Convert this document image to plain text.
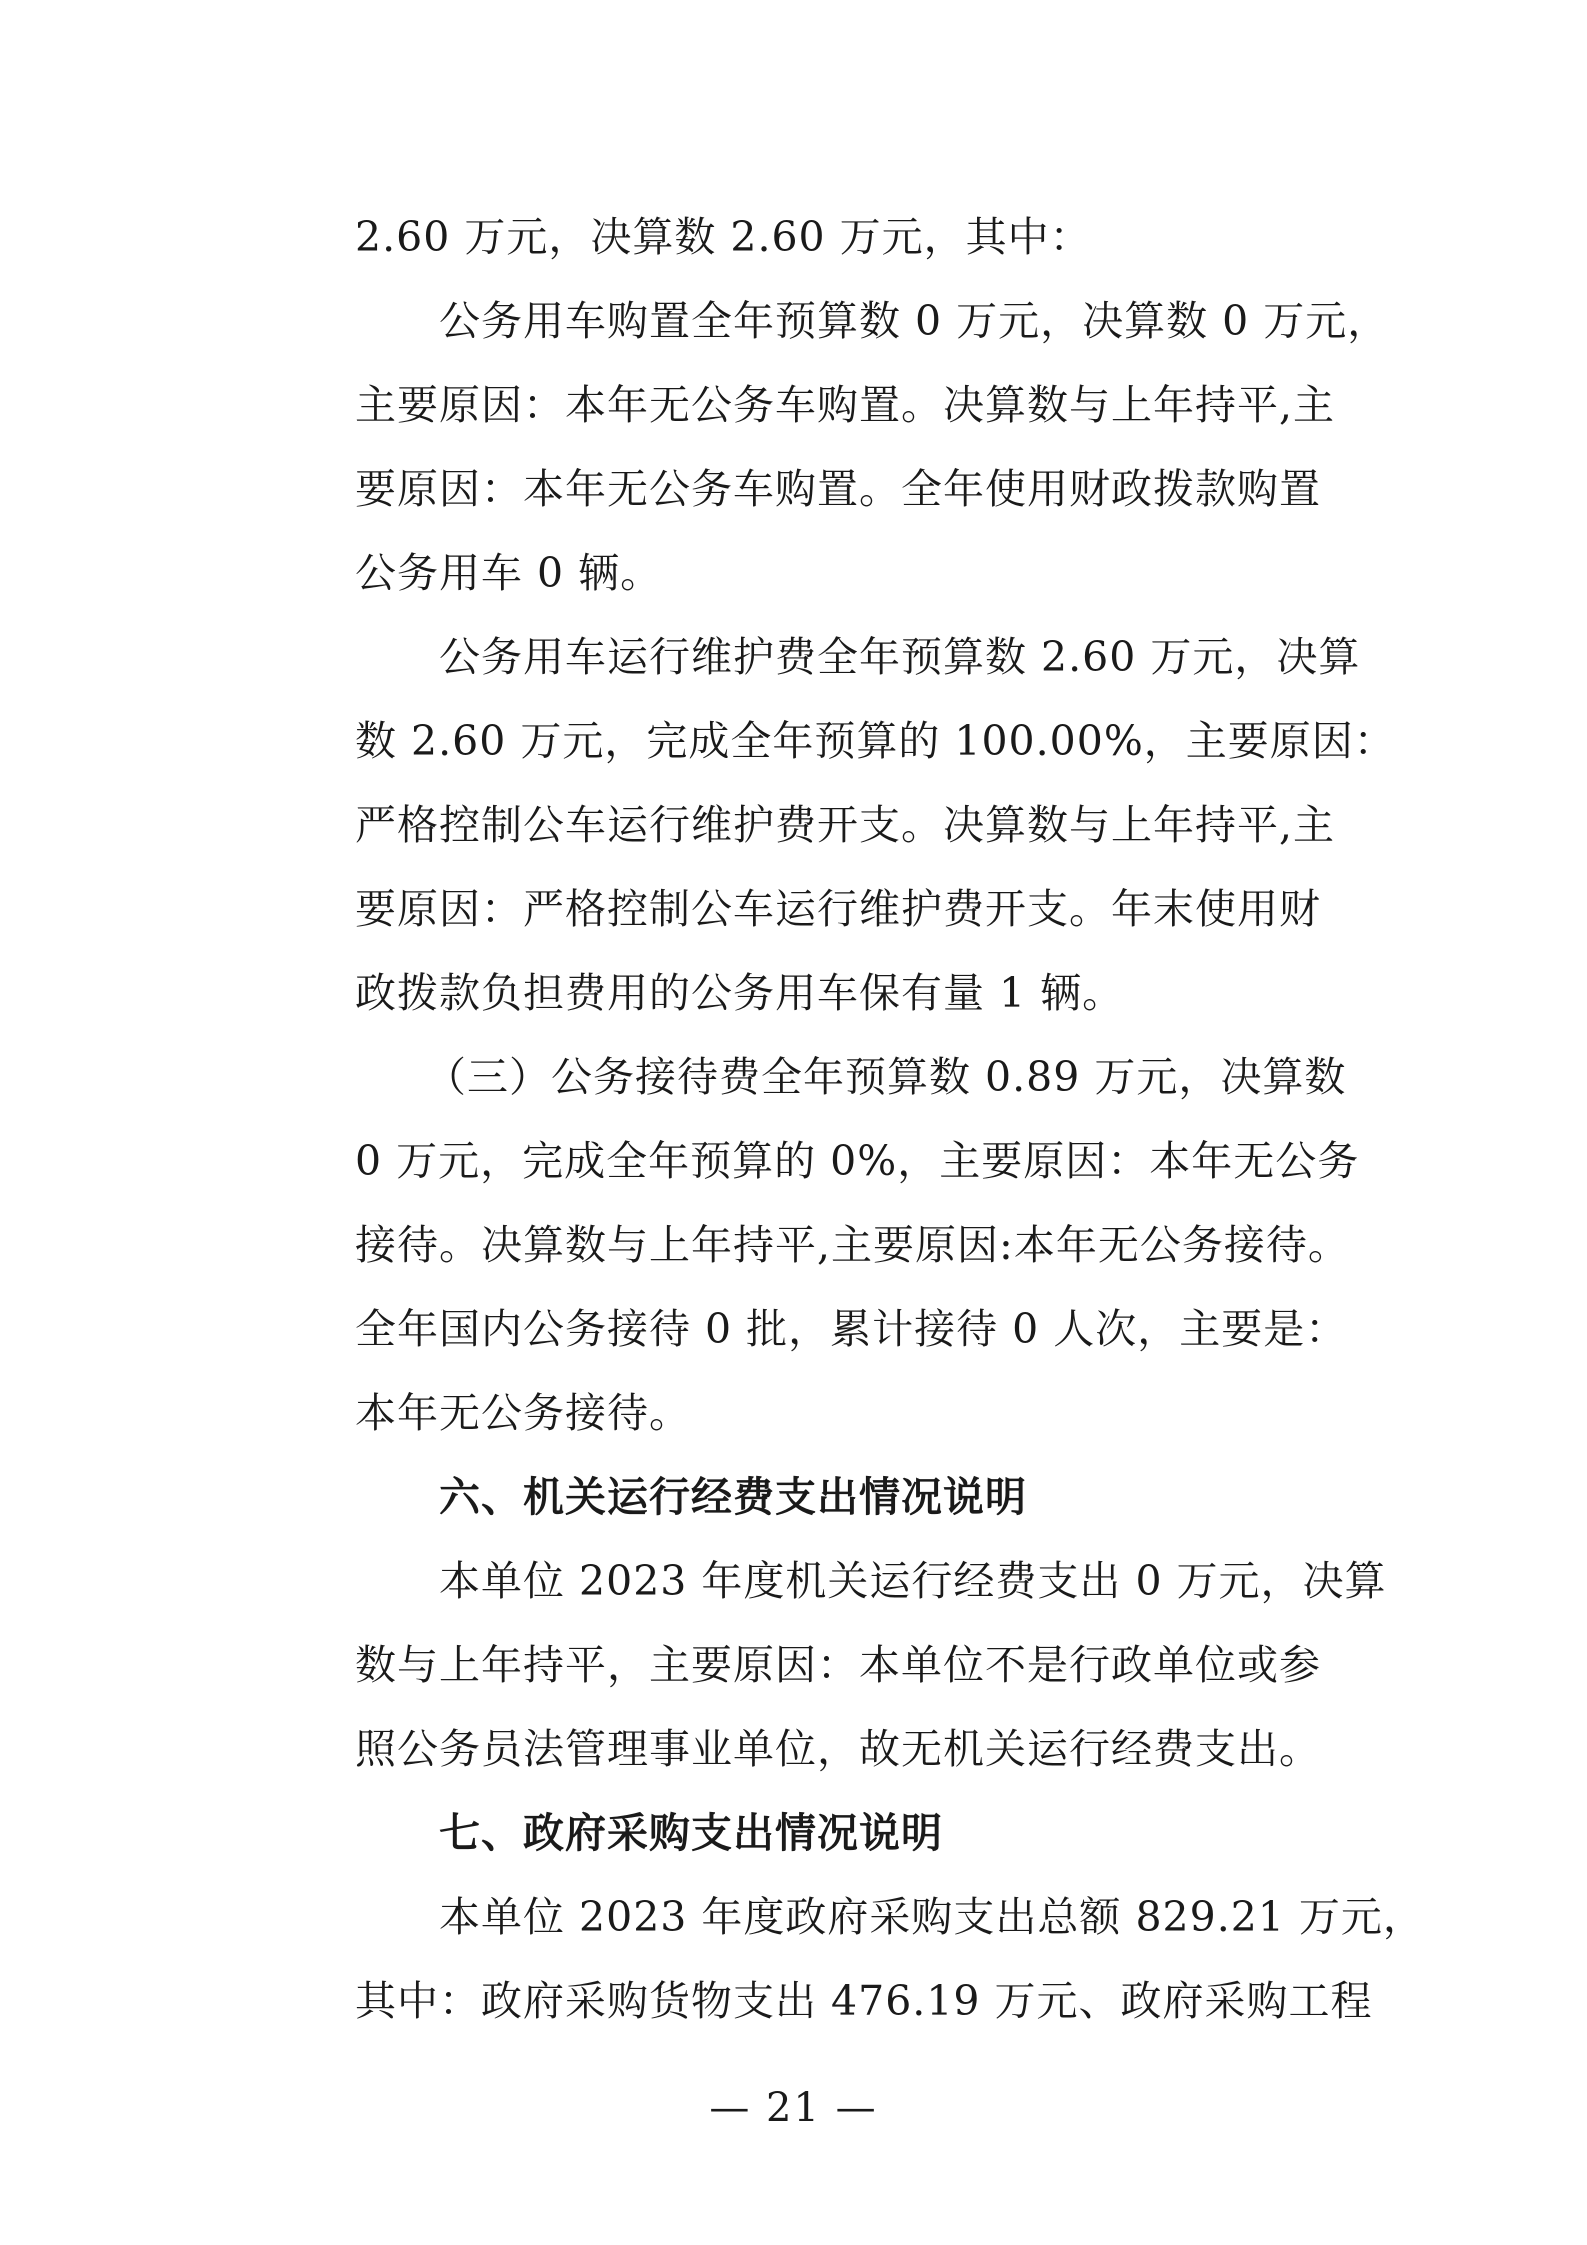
2.60 万元，决算数 2.60 万元，其中：
公务用车购置全年预算数 0 万元，决算数 0 万元，
主要原因：本年无公务车购置。决算数与上年持平,主
要原因：本年无公务车购置。全年使用财政拨款购置
公务用车 0 辆。
公务用车运行维护费全年预算数 2.60 万元，决算
数 2.60 万元，完成全年预算的 100.00%，主要原因：
严格控制公车运行维护费开支。决算数与上年持平,主
要原因：严格控制公车运行维护费开支。年末使用财
政拨款负担费用的公务用车保有量 1 辆。
（三）公务接待费全年预算数 0.89 万元，决算数
0 万元，完成全年预算的 0%，主要原因：本年无公务
接待。决算数与上年持平,主要原因:本年无公务接待。
全年国内公务接待 0 批，累计接待 0 人次，主要是：
本年无公务接待。
六、机关运行经费支出情况说明
本单位 2023 年度机关运行经费支出 0 万元，决算
数与上年持平，主要原因：本单位不是行政单位或参
照公务员法管理事业单位，故无机关运行经费支出。
七、政府采购支出情况说明
本单位 2023 年度政府采购支出总额 829.21 万元，
其中：政府采购货物支出 476.19 万元、政府采购工程
— 21 —
